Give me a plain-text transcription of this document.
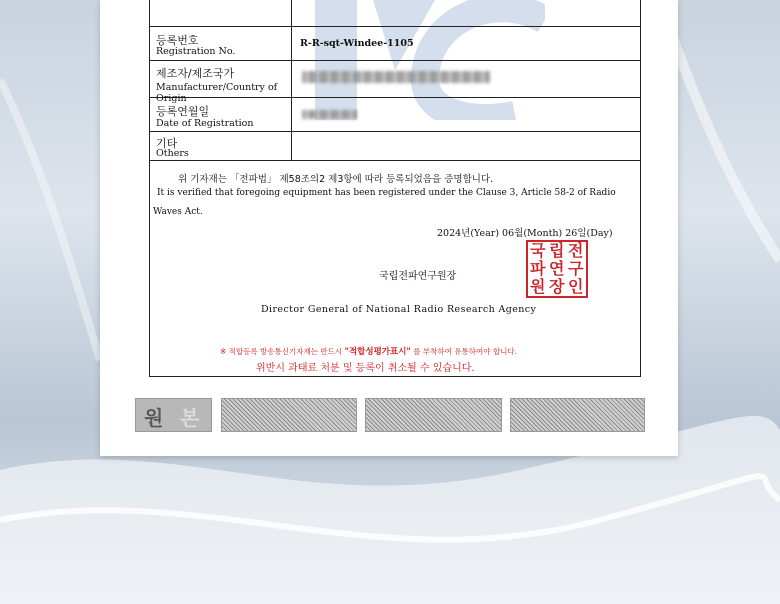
등록번호
Registration No.
R-R-sqt-Windee-1105
제조자/제조국가
Manufacturer/Country of Origin
등록연월일
Date of Registration
기타
Others
위 기자재는 「전파법」 제58조의2 제3항에 따라 등록되었음을 증명합니다.
It is verified that foregoing equipment has been registered under the Clause 3, Article 58-2 of Radio
Waves Act.
2024년(Year) 06월(Month) 26일(Day)
국립전파연구원장
국 립 전
파 연 구
원 장 인
Director General of National Radio Research Agency
※ 적합등록 방송통신기자재는 반드시 "적합성평가표시" 를 부착하여 유통하여야 합니다.
위반시 과태료 처분 및 등록이 취소될 수 있습니다.
원 본
